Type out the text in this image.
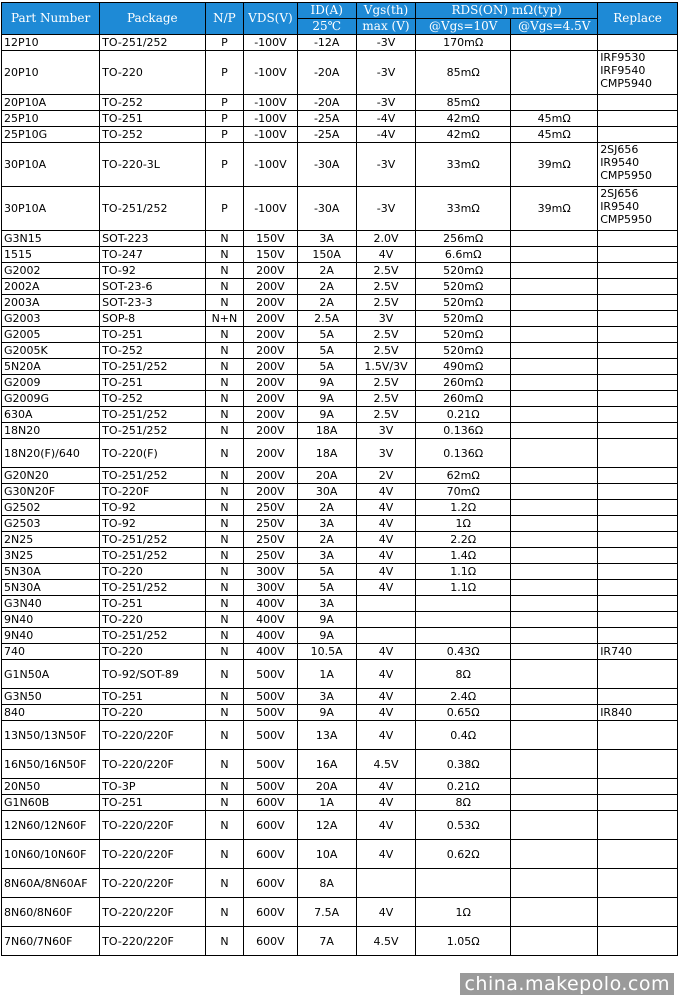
Part Number	Package	N/P	VDS(V)	ID(A)	Vgs(th)	RDS(ON) mΩ(typ)		Replace
				25℃	max (V)	@Vgs=10V	@Vgs=4.5V	
12P10	TO-251/252	P	-100V	-12A	-3V	170mΩ		
20P10	TO-220	P	-100V	-20A	-3V	85mΩ		IRF9530
IRF9540
CMP5940

20P10A	TO-252	P	-100V	-20A	-3V	85mΩ		
25P10	TO-251	P	-100V	-25A	-4V	42mΩ	45mΩ	
25P10G	TO-252	P	-100V	-25A	-4V	42mΩ	45mΩ	
30P10A	TO-220-3L	P	-100V	-30A	-3V	33mΩ	39mΩ	2SJ656
IR9540
CMP5950

30P10A	TO-251/252	P	-100V	-30A	-3V	33mΩ	39mΩ	2SJ656
IR9540
CMP5950

G3N15	SOT-223	N	150V	3A	2.0V	256mΩ		
1515	TO-247	N	150V	150A	4V	6.6mΩ		
G2002	TO-92	N	200V	2A	2.5V	520mΩ		
2002A	SOT-23-6	N	200V	2A	2.5V	520mΩ		
2003A	SOT-23-3	N	200V	2A	2.5V	520mΩ		
G2003	SOP-8	N+N	200V	2.5A	3V	520mΩ		
G2005	TO-251	N	200V	5A	2.5V	520mΩ		
G2005K	TO-252	N	200V	5A	2.5V	520mΩ		
5N20A	TO-251/252	N	200V	5A	1.5V/3V	490mΩ		
G2009	TO-251	N	200V	9A	2.5V	260mΩ		
G2009G	TO-252	N	200V	9A	2.5V	260mΩ		
630A	TO-251/252	N	200V	9A	2.5V	0.21Ω		
18N20	TO-251/252	N	200V	18A	3V	0.136Ω		
18N20(F)/640	TO-220(F)	N	200V	18A	3V	0.136Ω		
G20N20	TO-251/252	N	200V	20A	2V	62mΩ		
G30N20F	TO-220F	N	200V	30A	4V	70mΩ		
G2502	TO-92	N	250V	2A	4V	1.2Ω		
G2503	TO-92	N	250V	3A	4V	1Ω		
2N25	TO-251/252	N	250V	2A	4V	2.2Ω		
3N25	TO-251/252	N	250V	3A	4V	1.4Ω		
5N30A	TO-220	N	300V	5A	4V	1.1Ω		
5N30A	TO-251/252	N	300V	5A	4V	1.1Ω		
G3N40	TO-251	N	400V	3A				
9N40	TO-220	N	400V	9A				
9N40	TO-251/252	N	400V	9A				
740	TO-220	N	400V	10.5A	4V	0.43Ω		IR740

G1N50A	TO-92/SOT-89	N	500V	1A	4V	8Ω		
G3N50	TO-251	N	500V	3A	4V	2.4Ω		
840	TO-220	N	500V	9A	4V	0.65Ω		IR840

13N50/13N50F	TO-220/220F	N	500V	13A	4V	0.4Ω		
16N50/16N50F	TO-220/220F	N	500V	16A	4.5V	0.38Ω		
20N50	TO-3P	N	500V	20A	4V	0.21Ω		
G1N60B	TO-251	N	600V	1A	4V	8Ω		
12N60/12N60F	TO-220/220F	N	600V	12A	4V	0.53Ω		
10N60/10N60F	TO-220/220F	N	600V	10A	4V	0.62Ω		
8N60A/8N60AF	TO-220/220F	N	600V	8A				
8N60/8N60F	TO-220/220F	N	600V	7.5A	4V	1Ω		
7N60/7N60F	TO-220/220F	N	600V	7A	4.5V	1.05Ω		
china.makepolo.com
